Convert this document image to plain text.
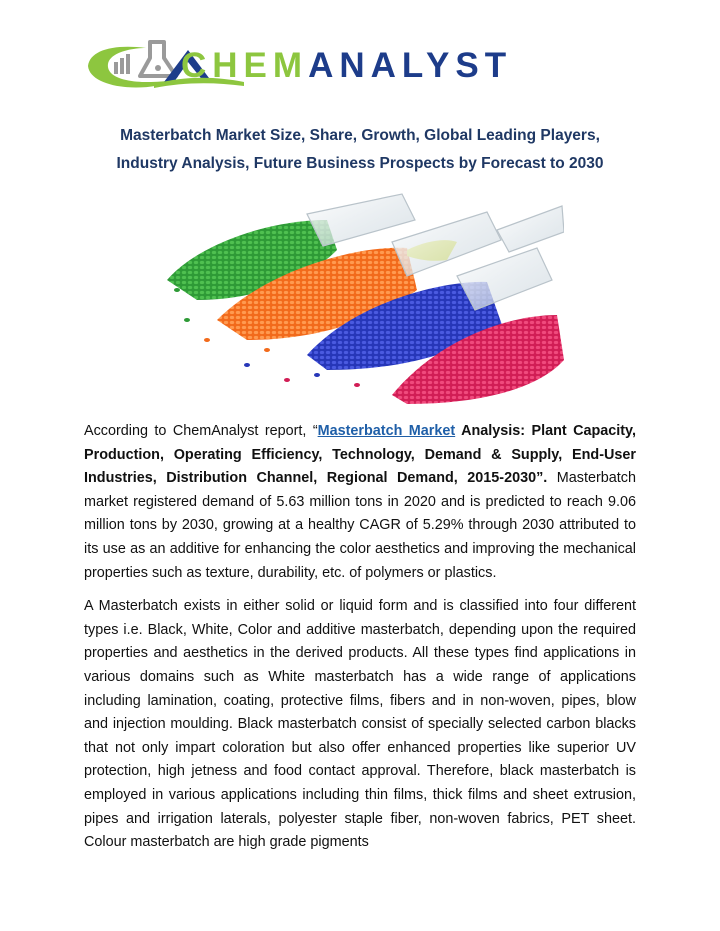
CHEMANALYST
Masterbatch Market Size, Share, Growth, Global Leading Players,
Industry Analysis, Future Business Prospects by Forecast to 2030

According to ChemAnalyst report, “Masterbatch Market Analysis: Plant Capacity, Production, Operating Efficiency, Technology, Demand & Supply, End-User Industries, Distribution Channel, Regional Demand, 2015-2030”. Masterbatch market registered demand of 5.63 million tons in 2020 and is predicted to reach 9.06 million tons by 2030, growing at a healthy CAGR of 5.29% through 2030 attributed to its use as an additive for enhancing the color aesthetics and improving the mechanical properties such as texture, durability, etc. of polymers or plastics.

A Masterbatch exists in either solid or liquid form and is classified into four different types i.e. Black, White, Color and additive masterbatch, depending upon the required properties and aesthetics in the derived products. All these types find applications in various domains such as White masterbatch has a wide range of applications including lamination, coating, protective films, fibers and in non-woven, pipes, blow and injection moulding. Black masterbatch consist of specially selected carbon blacks that not only impart coloration but also offer enhanced properties like superior UV protection, high jetness and food contact approval. Therefore, black masterbatch is employed in various applications including thin films, thick films and sheet extrusion, pipes and irrigation laterals, polyester staple fiber, non-woven fabrics, PET sheet. Colour masterbatch are high grade pigments
